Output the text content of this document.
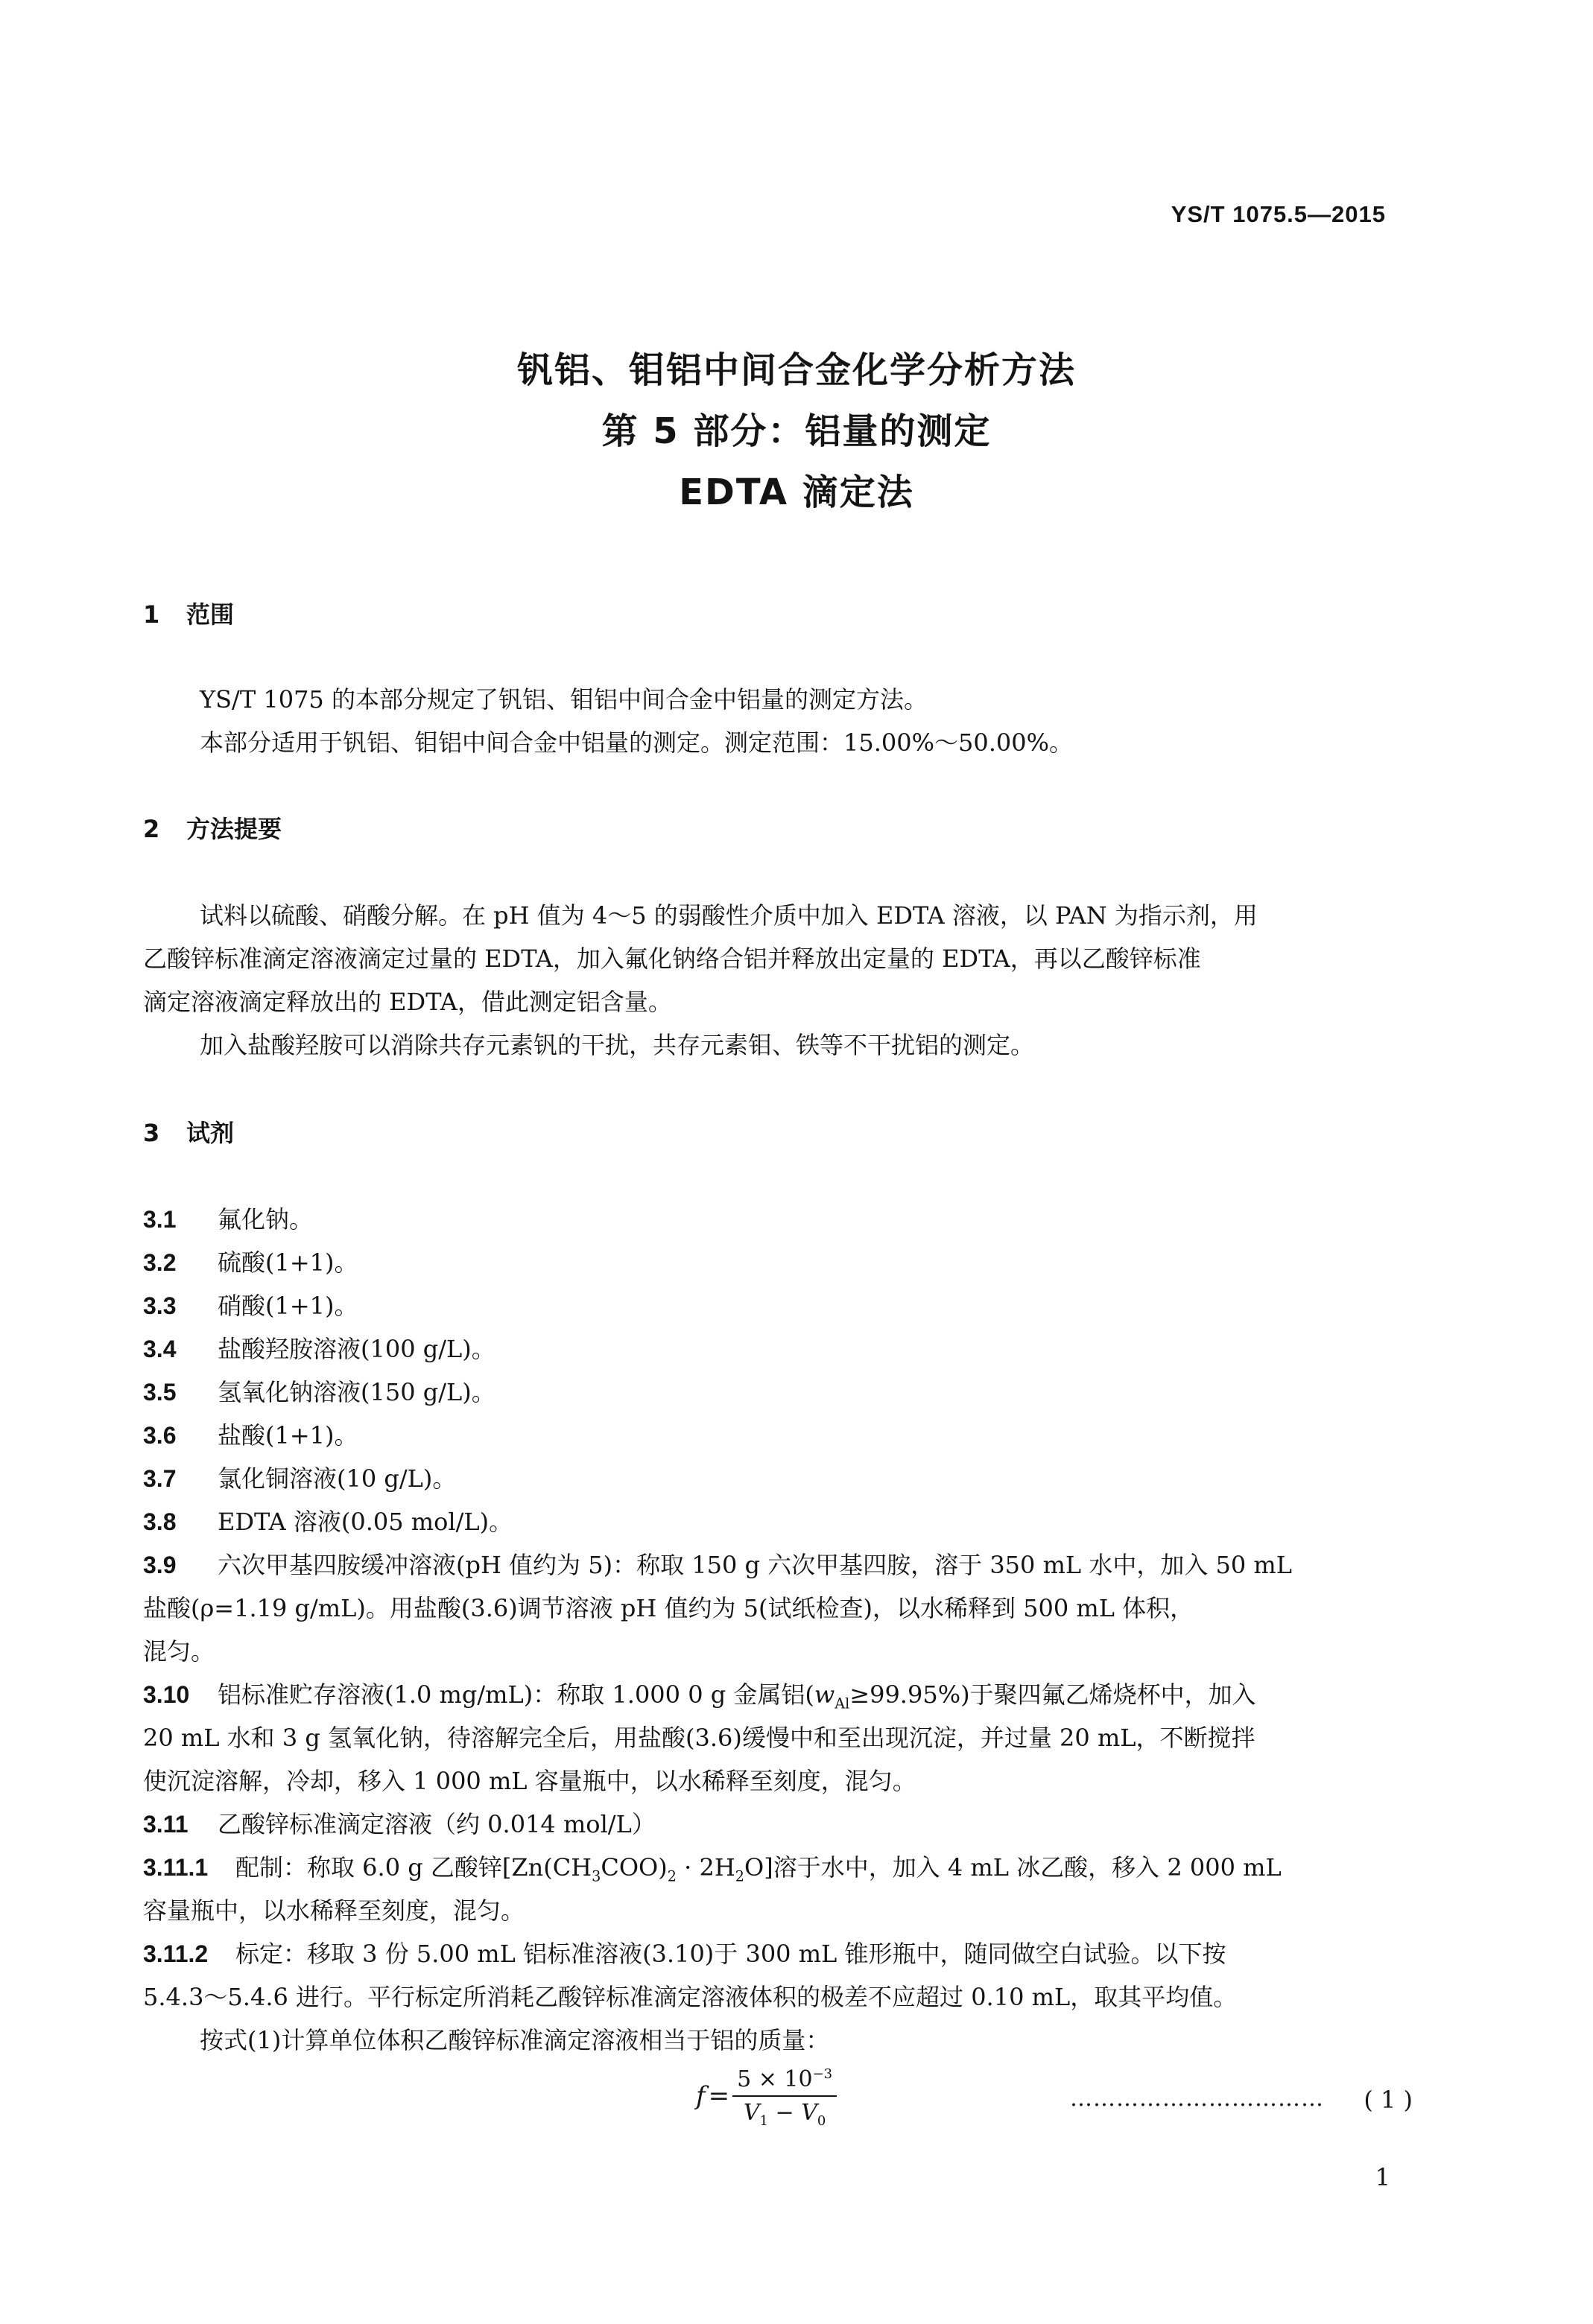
YS/T 1075.5—2015
钒铝、钼铝中间合金化学分析方法
第 5 部分：铝量的测定
EDTA 滴定法
1 范围
YS/T 1075 的本部分规定了钒铝、钼铝中间合金中铝量的测定方法。
本部分适用于钒铝、钼铝中间合金中铝量的测定。测定范围：15.00%～50.00%。
2 方法提要
试料以硫酸、硝酸分解。在 pH 值为 4～5 的弱酸性介质中加入 EDTA 溶液，以 PAN 为指示剂，用
乙酸锌标准滴定溶液滴定过量的 EDTA，加入氟化钠络合铝并释放出定量的 EDTA，再以乙酸锌标准
滴定溶液滴定释放出的 EDTA，借此测定铝含量。
加入盐酸羟胺可以消除共存元素钒的干扰，共存元素钼、铁等不干扰铝的测定。
3 试剂
3.1 氟化钠。
3.2 硫酸(1+1)。
3.3 硝酸(1+1)。
3.4 盐酸羟胺溶液(100 g/L)。
3.5 氢氧化钠溶液(150 g/L)。
3.6 盐酸(1+1)。
3.7 氯化铜溶液(10 g/L)。
3.8 EDTA 溶液(0.05 mol/L)。
3.9 六次甲基四胺缓冲溶液(pH 值约为 5)：称取 150 g 六次甲基四胺，溶于 350 mL 水中，加入 50 mL
盐酸(ρ=1.19 g/mL)。用盐酸(3.6)调节溶液 pH 值约为 5(试纸检查)，以水稀释到 500 mL 体积，
混匀。
3.10 铝标准贮存溶液(1.0 mg/mL)：称取 1.000 0 g 金属铝$(w_{Al}\ge 99.95\%)$于聚四氟乙烯烧杯中，加入
20 mL 水和 3 g 氢氧化钠，待溶解完全后，用盐酸(3.6)缓慢中和至出现沉淀，并过量 20 mL，不断搅拌
使沉淀溶解，冷却，移入 1 000 mL 容量瓶中，以水稀释至刻度，混匀。
3.11 乙酸锌标准滴定溶液（约 0.014 mol/L）
3.11.1 配制：称取 6.0 g 乙酸锌$[Zn(CH_3COO)_2 \cdot 2H_2O]$溶于水中，加入 4 mL 冰乙酸，移入 2 000 mL
容量瓶中，以水稀释至刻度，混匀。
3.11.2 标定：移取 3 份 5.00 mL 铝标准溶液(3.10)于 300 mL 锥形瓶中，随同做空白试验。以下按
5.4.3～5.4.6 进行。平行标定所消耗乙酸锌标准滴定溶液体积的极差不应超过 0.10 mL，取其平均值。
按式(1)计算单位体积乙酸锌标准滴定溶液相当于铝的质量：
$f = \frac{5 \times 10^{-3}}{V_1 - V_0}$	…………………………… ( 1 )
1
